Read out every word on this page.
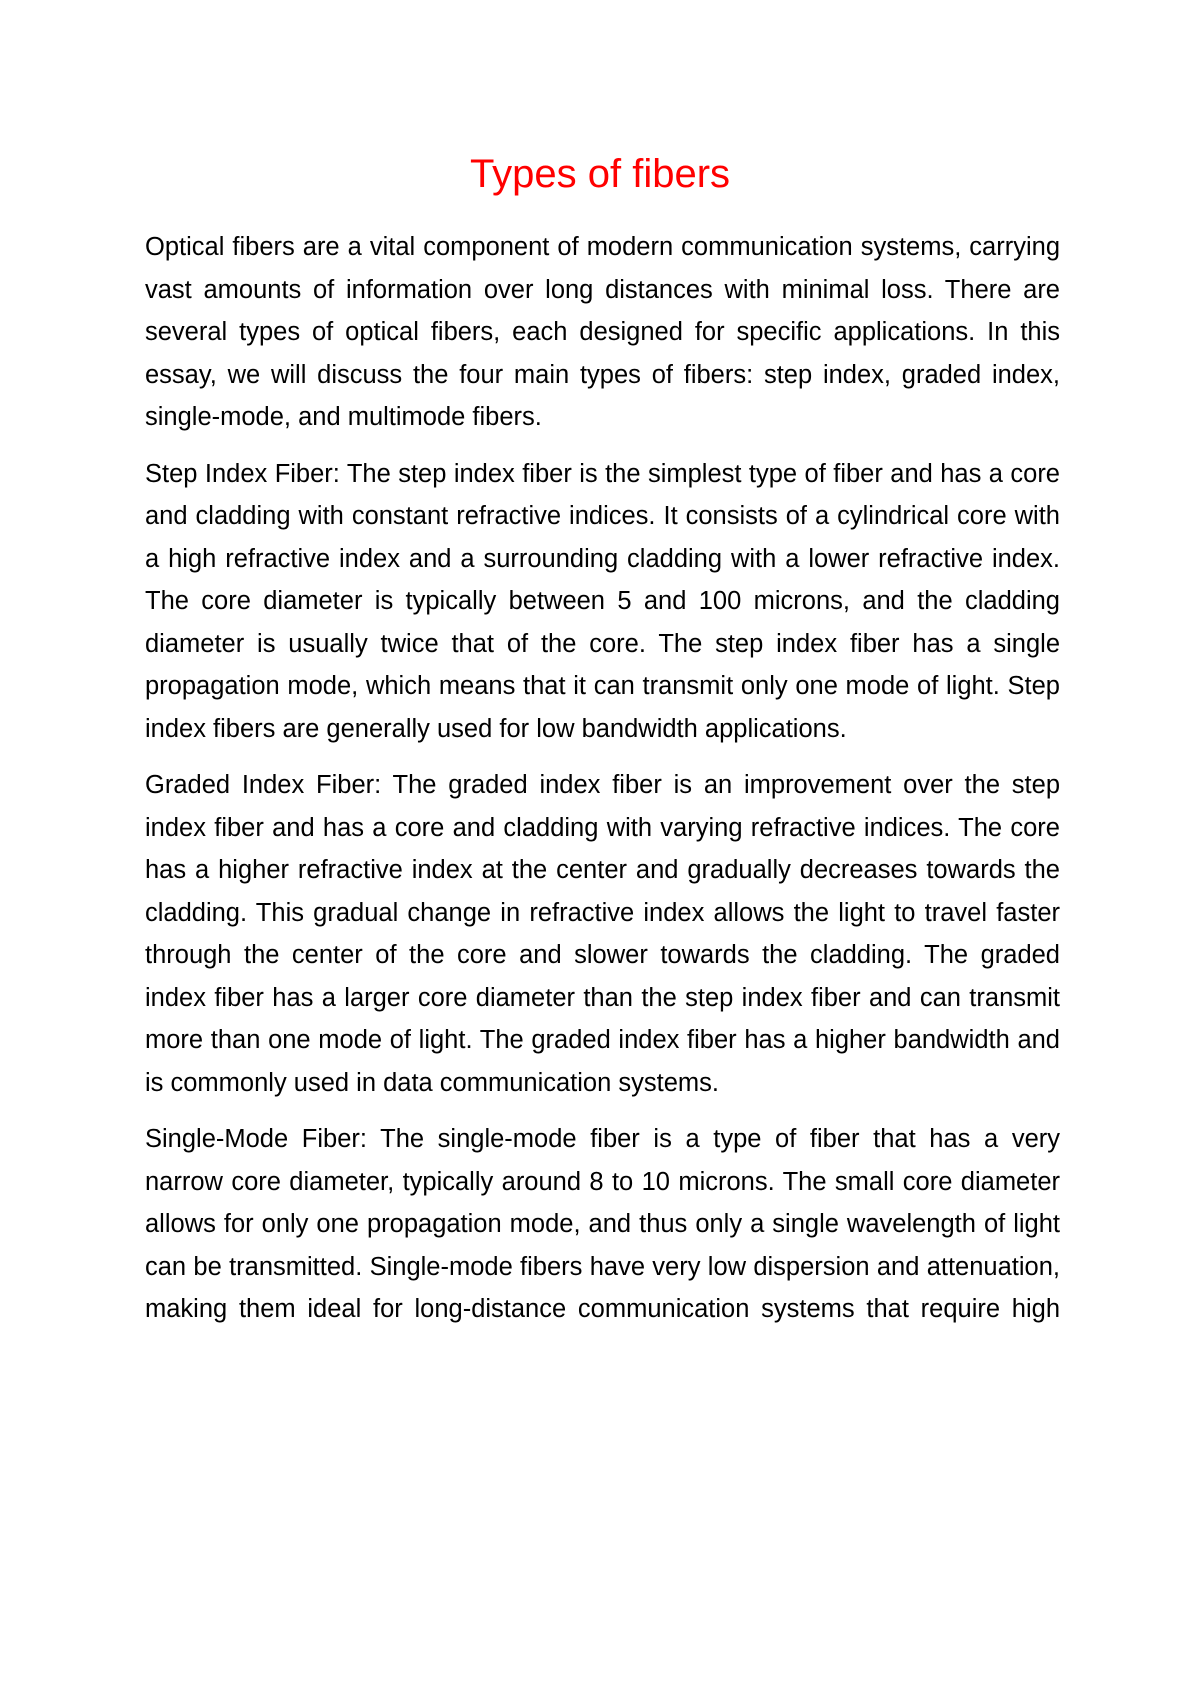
Types of fibers

Optical fibers are a vital component of modern communication systems, carrying vast amounts of information over long distances with minimal loss. There are several types of optical fibers, each designed for specific applications. In this essay, we will discuss the four main types of fibers: step index, graded index, single-mode, and multimode fibers.

Step Index Fiber: The step index fiber is the simplest type of fiber and has a core and cladding with constant refractive indices. It consists of a cylindrical core with a high refractive index and a surrounding cladding with a lower refractive index. The core diameter is typically between 5 and 100 microns, and the cladding diameter is usually twice that of the core. The step index fiber has a single propagation mode, which means that it can transmit only one mode of light. Step index fibers are generally used for low bandwidth applications.

Graded Index Fiber: The graded index fiber is an improvement over the step index fiber and has a core and cladding with varying refractive indices. The core has a higher refractive index at the center and gradually decreases towards the cladding. This gradual change in refractive index allows the light to travel faster through the center of the core and slower towards the cladding. The graded index fiber has a larger core diameter than the step index fiber and can transmit more than one mode of light. The graded index fiber has a higher bandwidth and is commonly used in data communication systems.

Single-Mode Fiber: The single-mode fiber is a type of fiber that has a very narrow core diameter, typically around 8 to 10 microns. The small core diameter allows for only one propagation mode, and thus only a single wavelength of light can be transmitted. Single-mode fibers have very low dispersion and attenuation, making them ideal for long-distance communication systems that require high
